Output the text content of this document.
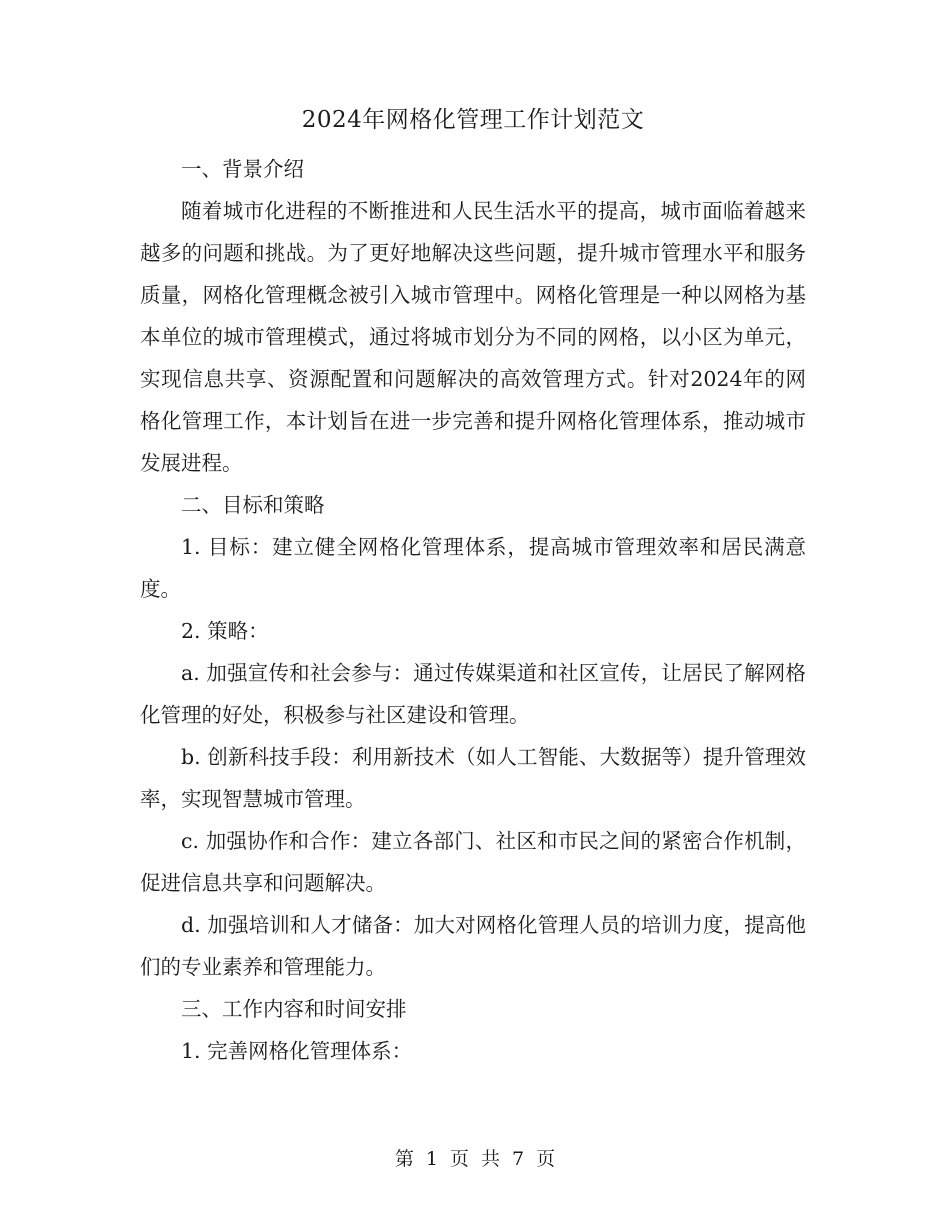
2024年网格化管理工作计划范文

一、背景介绍

随着城市化进程的不断推进和人民生活水平的提高，城市面临着越来越多的问题和挑战。为了更好地解决这些问题，提升城市管理水平和服务质量，网格化管理概念被引入城市管理中。网格化管理是一种以网格为基本单位的城市管理模式，通过将城市划分为不同的网格，以小区为单元，实现信息共享、资源配置和问题解决的高效管理方式。针对2024年的网格化管理工作，本计划旨在进一步完善和提升网格化管理体系，推动城市发展进程。

二、目标和策略

1. 目标：建立健全网格化管理体系，提高城市管理效率和居民满意度。

2. 策略：

a. 加强宣传和社会参与：通过传媒渠道和社区宣传，让居民了解网格化管理的好处，积极参与社区建设和管理。

b. 创新科技手段：利用新技术（如人工智能、大数据等）提升管理效率，实现智慧城市管理。

c. 加强协作和合作：建立各部门、社区和市民之间的紧密合作机制，促进信息共享和问题解决。

d. 加强培训和人才储备：加大对网格化管理人员的培训力度，提高他们的专业素养和管理能力。

三、工作内容和时间安排

1. 完善网格化管理体系：

第 1 页 共 7 页
